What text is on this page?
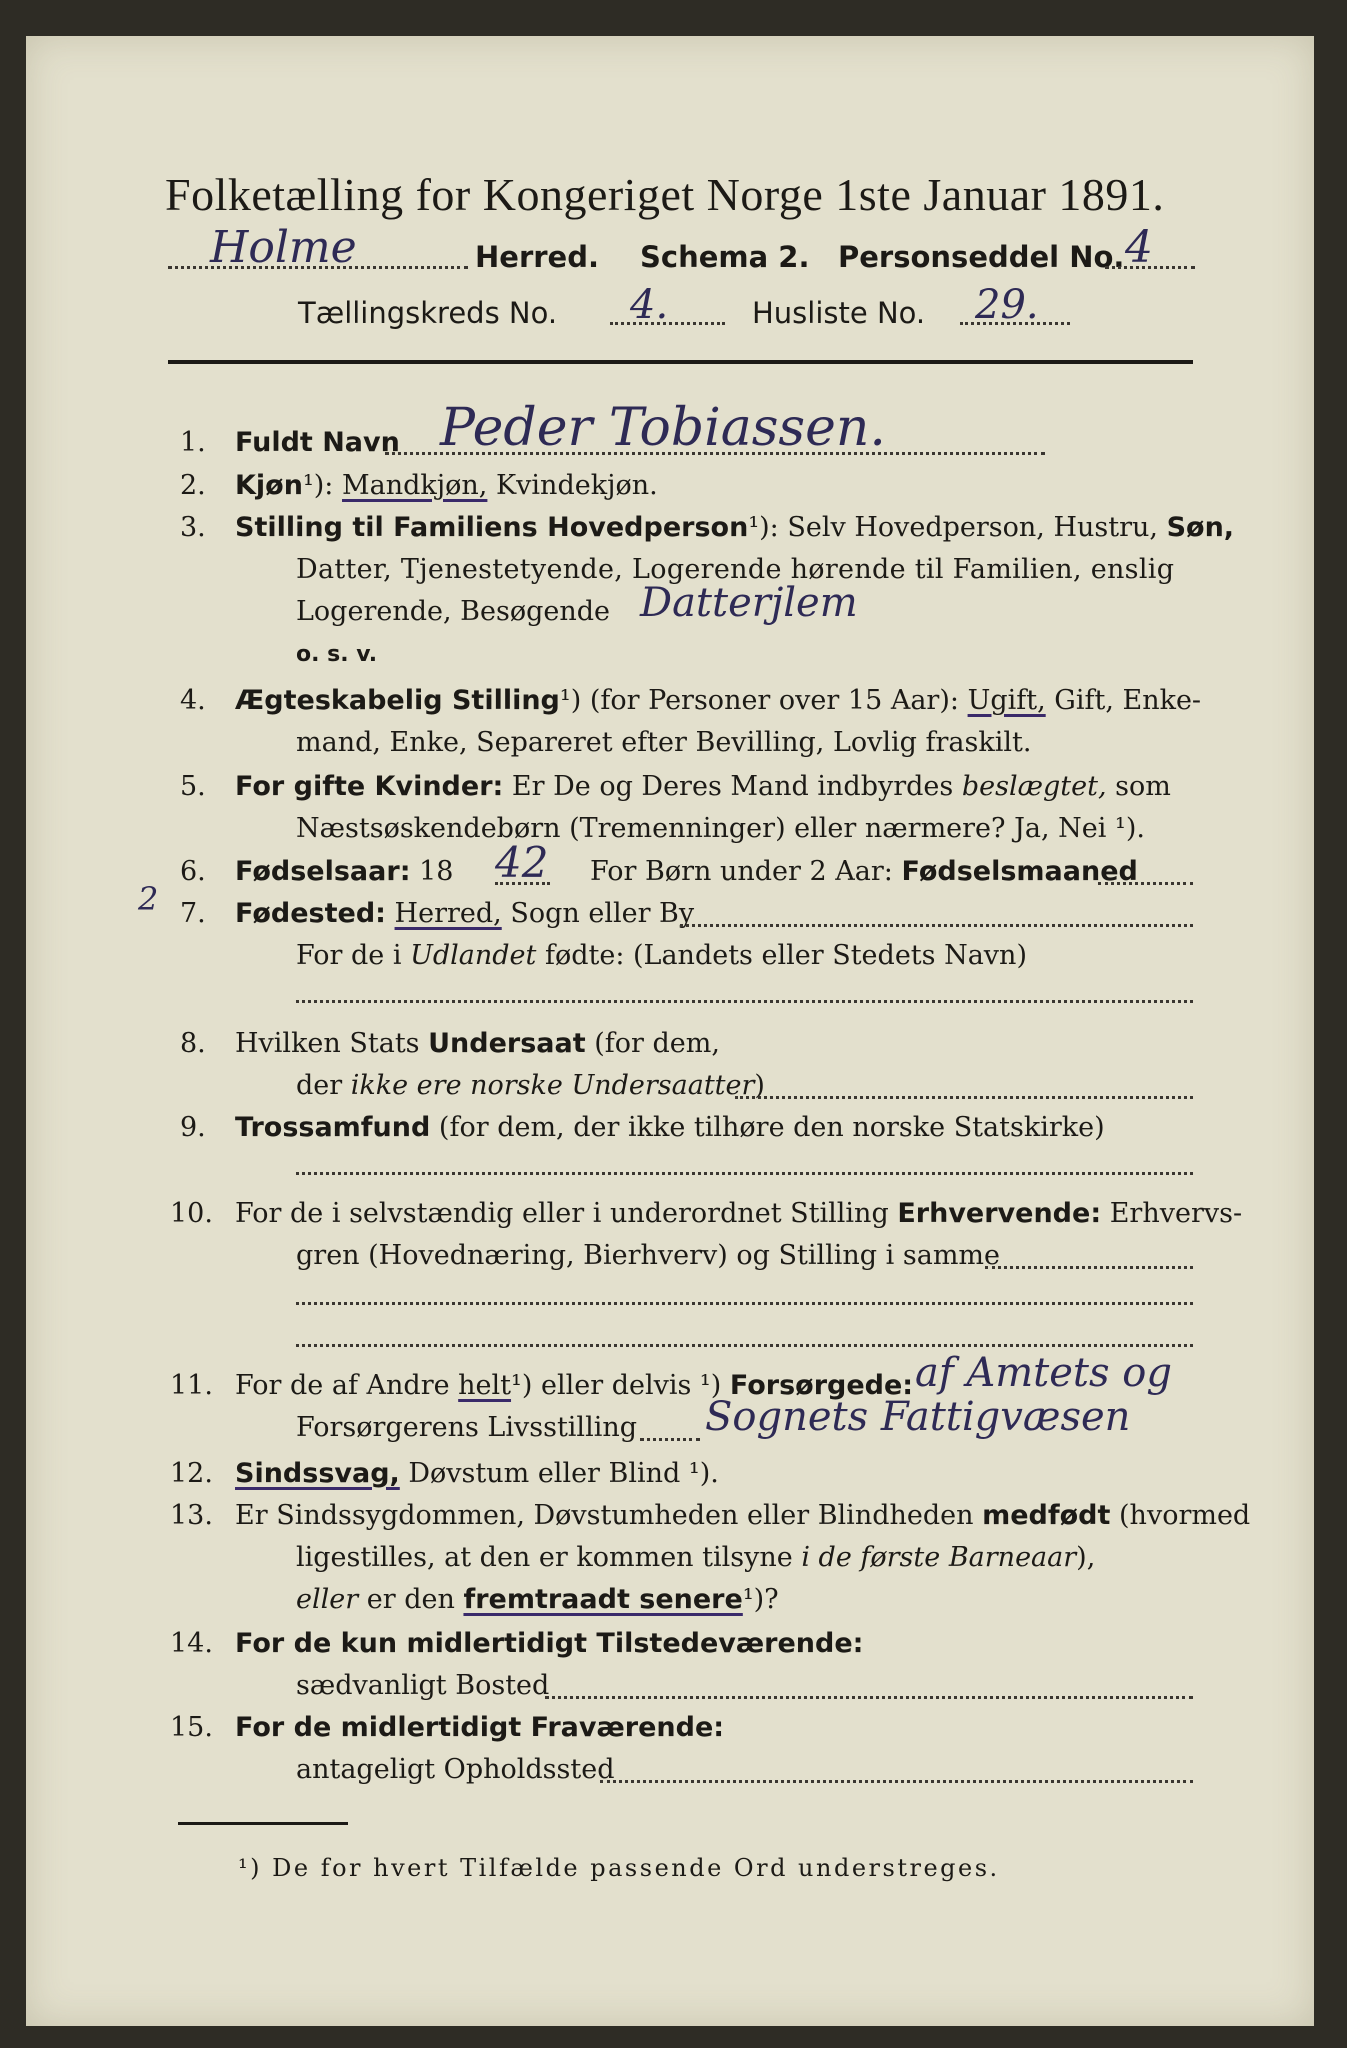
Folketælling for Kongeriget Norge 1ste Januar 1891.
Holme	Herred. Schema 2. Personseddel No. 4
Tællingskreds No. 4.	Husliste No. 29.
1. Fuldt Navn Peder Tobiassen.
2. Kjøn¹): Mandkjøn, Kvindekjøn.
3. Stilling til Familiens Hovedperson¹): Selv Hovedperson, Hustru, Søn,
Datter, Tjenestetyende, Logerende hørende til Familien, enslig
Logerende, Besøgende Datterjlem
o. s. v.
4. Ægteskabelig Stilling¹) (for Personer over 15 Aar): Ugift, Gift, Enke-
mand, Enke, Separeret efter Bevilling, Lovlig fraskilt.
5. For gifte Kvinder: Er De og Deres Mand indbyrdes beslægtet, som
Næstsøskendebørn (Tremenninger) eller nærmere? Ja, Nei ¹).
6. Fødselsaar: 18 42 For Børn under 2 Aar: Fødselsmaaned
2 7. Fødested: Herred, Sogn eller By
For de i Udlandet fødte: (Landets eller Stedets Navn)
8. Hvilken Stats Undersaat (for dem,
der ikke ere norske Undersaatter)
9. Trossamfund (for dem, der ikke tilhøre den norske Statskirke)
10. For de i selvstændig eller i underordnet Stilling Erhvervende: Erhvervs-
gren (Hovednæring, Bierhverv) og Stilling i samme
11. For de af Andre helt¹) eller delvis ¹) Forsørgede: af Amtets og
Forsørgerens Livsstilling Sognets Fattigvæsen
12. Sindssvag, Døvstum eller Blind ¹).
13. Er Sindssygdommen, Døvstumheden eller Blindheden medfødt (hvormed
ligestilles, at den er kommen tilsyne i de første Barneaar),
eller er den fremtraadt senere¹)?
14. For de kun midlertidigt Tilstedeværende:
sædvanligt Bosted
15. For de midlertidigt Fraværende:
antageligt Opholdssted
¹) De for hvert Tilfælde passende Ord understreges.
